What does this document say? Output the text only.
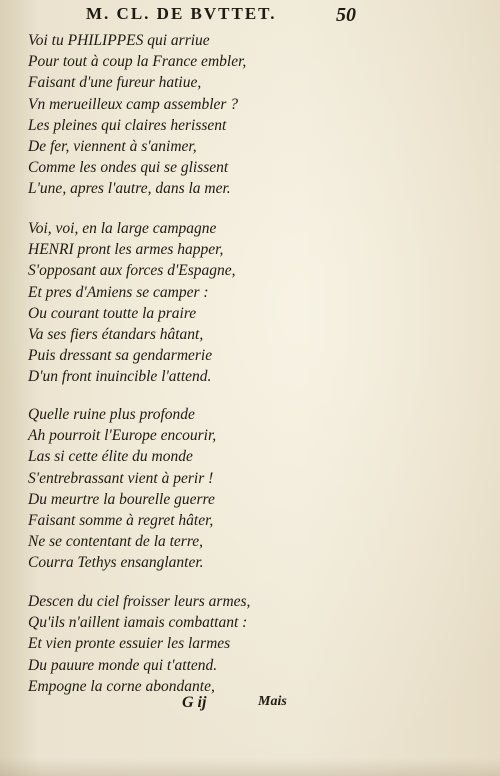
M. CL. DE BVTTET.	50
Voi tu PHILIPPES qui arriue
Pour tout à coup la France embler,
Faisant d'une fureur hatiue,
Vn merueilleux camp assembler ?
Les pleines qui claires herissent
De fer, viennent à s'animer,
Comme les ondes qui se glissent
L'une, apres l'autre, dans la mer.
Voi, voi, en la large campagne
HENRI pront les armes happer,
S'opposant aux forces d'Espagne,
Et pres d'Amiens se camper :
Ou courant toutte la praire
Va ses fiers étandars hâtant,
Puis dressant sa gendarmerie
D'un front inuincible l'attend.
Quelle ruine plus profonde
Ah pourroit l'Europe encourir,
Las si cette élite du monde
S'entrebrassant vient à perir !
Du meurtre la bourelle guerre
Faisant somme à regret hâter,
Ne se contentant de la terre,
Courra Tethys ensanglanter.
Descen du ciel froisser leurs armes,
Qu'ils n'aillent iamais combattant :
Et vien pronte essuier les larmes
Du pauure monde qui t'attend.
Empogne la corne abondante,
G ij	Mais
